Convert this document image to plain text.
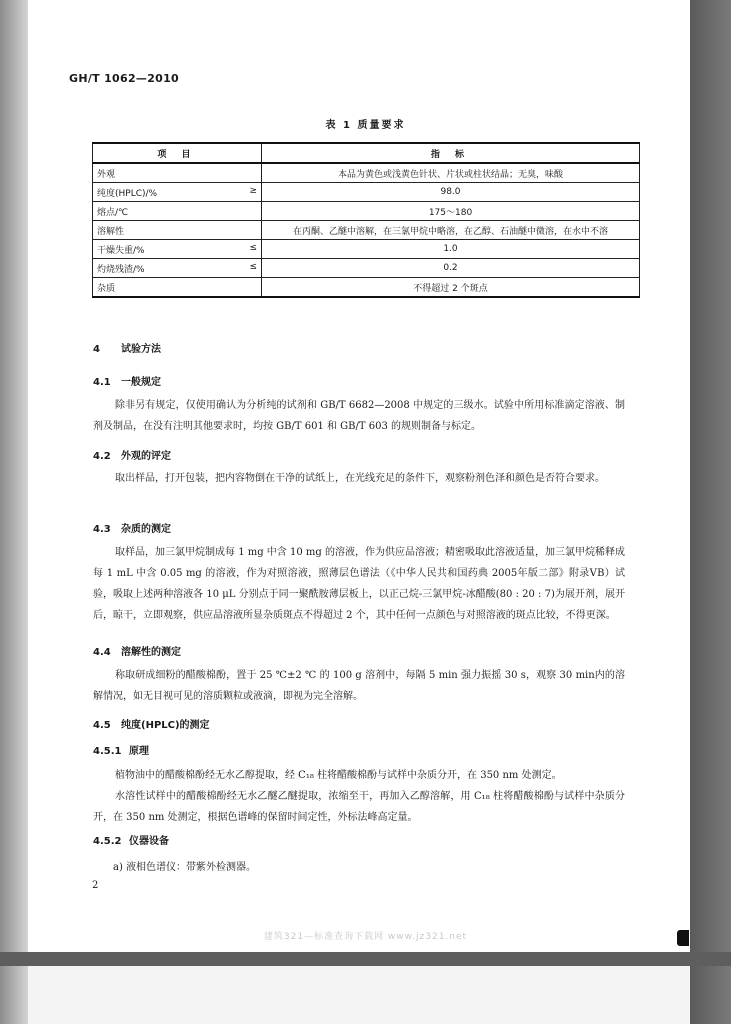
GH/T 1062—2010
表 1 质量要求
项 目	指 标

外观	本品为黄色或浅黄色针状、片状或柱状结晶；无臭，味酸

≥
纯度(HPLC)/%	98.0

熔点/℃	175～180

溶解性	在丙酮、乙醚中溶解，在三氯甲烷中略溶，在乙醇、石油醚中微溶，在水中不溶

≤
干燥失重/%	1.0

≤
灼烧残渣/%	0.2

杂质	不得超过 2 个斑点
4 试验方法
4.1 一般规定
除非另有规定，仅使用确认为分析纯的试剂和 GB/T 6682—2008 中规定的三级水。试验中所用标准滴定溶液、制剂及制品，在没有注明其他要求时，均按 GB/T 601 和 GB/T 603 的规则制备与标定。
4.2 外观的评定
取出样品，打开包装，把内容物倒在干净的试纸上，在光线充足的条件下，观察粉剂色泽和颜色是否符合要求。
4.3 杂质的测定
取样品，加三氯甲烷制成每 1 mg 中含 10 mg 的溶液，作为供应品溶液；精密吸取此溶液适量，加三氯甲烷稀释成每 1 mL 中含 0.05 mg 的溶液，作为对照溶液，照薄层色谱法（《中华人民共和国药典 2005年版二部》附录ⅤB）试验，吸取上述两种溶液各 10 μL 分别点于同一聚酰胺薄层板上，以正己烷-三氯甲烷-冰醋酸(80 : 20 : 7)为展开剂，展开后，晾干，立即观察，供应品溶液所显杂质斑点不得超过 2 个，其中任何一点颜色与对照溶液的斑点比较，不得更深。
4.4 溶解性的测定
称取研成细粉的醋酸棉酚，置于 25 ℃±2 ℃ 的 100 g 溶剂中，每隔 5 min 强力振摇 30 s，观察 30 min内的溶解情况，如无目视可见的溶质颗粒或液滴，即视为完全溶解。
4.5 纯度(HPLC)的测定
4.5.1 原理
植物油中的醋酸棉酚经无水乙醇提取，经 C₁₈ 柱将醋酸棉酚与试样中杂质分开，在 350 nm 处测定。
水溶性试样中的醋酸棉酚经无水乙醚乙醚提取，浓缩至干，再加入乙醇溶解，用 C₁₈ 柱将醋酸棉酚与试样中杂质分开，在 350 nm 处测定，根据色谱峰的保留时间定性，外标法峰高定量。
4.5.2 仪器设备
a) 液相色谱仪：带紫外检测器。
2
建筑321—标准查询下载网 www.jz321.net
